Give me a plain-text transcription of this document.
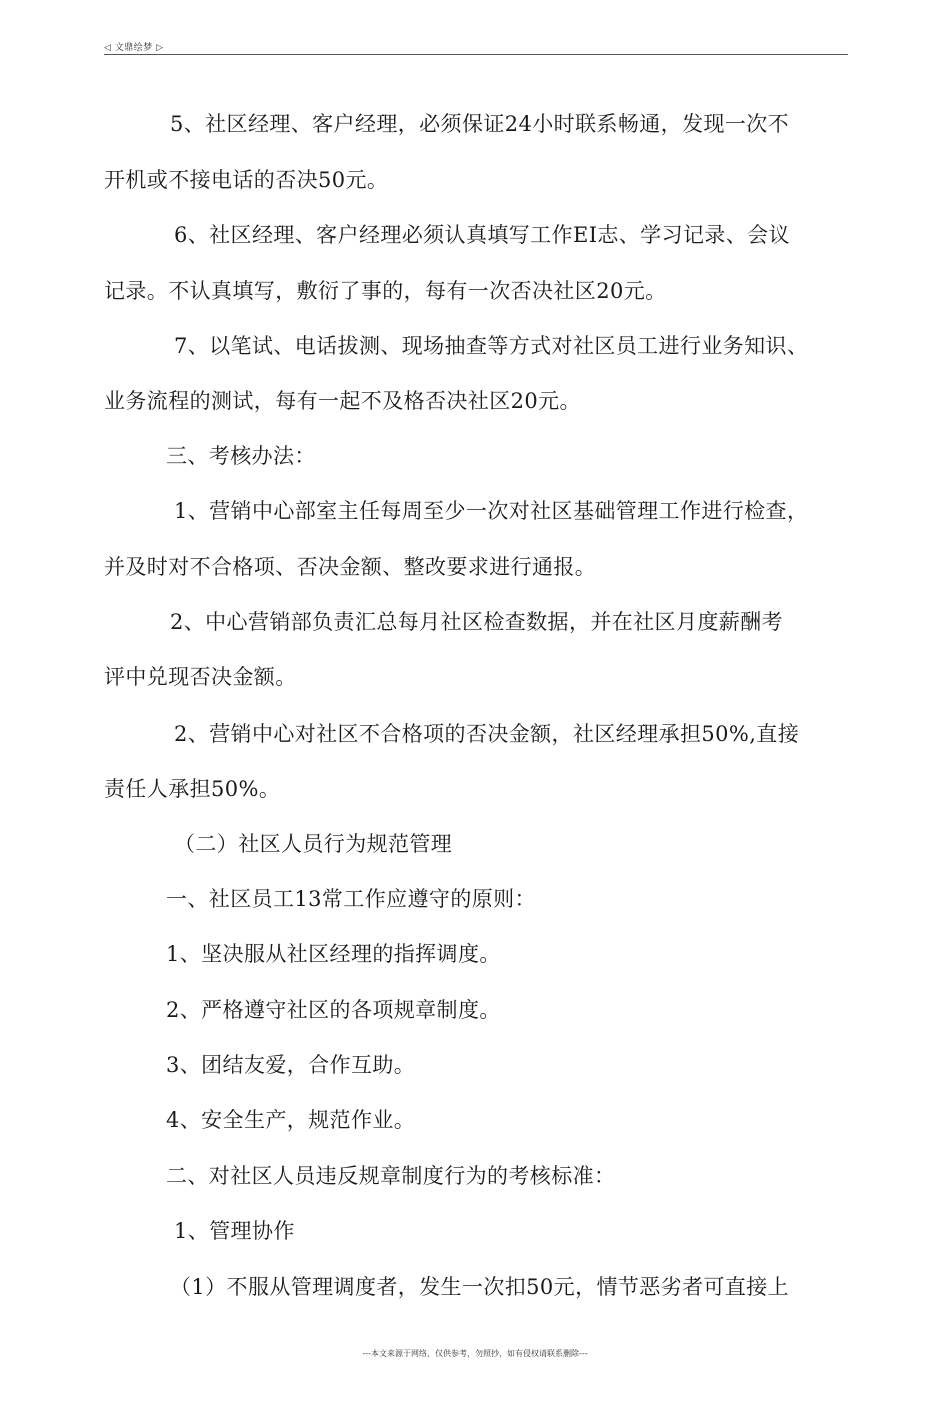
◁ 文鼎绘梦 ▷
5、社区经理、客户经理，必须保证24小时联系畅通，发现一次不
开机或不接电话的否决50元。
6、社区经理、客户经理必须认真填写工作EI志、学习记录、会议
记录。不认真填写，敷衍了事的，每有一次否决社区20元。
7、以笔试、电话拔测、现场抽查等方式对社区员工进行业务知识、
业务流程的测试，每有一起不及格否决社区20元。
三、考核办法：
1、营销中心部室主任每周至少一次对社区基础管理工作进行检查，
并及时对不合格项、否决金额、整改要求进行通报。
2、中心营销部负责汇总每月社区检查数据，并在社区月度薪酬考
评中兑现否决金额。
2、营销中心对社区不合格项的否决金额，社区经理承担50%,直接
责任人承担50%。
（二）社区人员行为规范管理
一、社区员工13常工作应遵守的原则：
1、坚决服从社区经理的指挥调度。
2、严格遵守社区的各项规章制度。
3、团结友爱，合作互助。
4、安全生产，规范作业。
二、对社区人员违反规章制度行为的考核标准：
1、管理协作
（1）不服从管理调度者，发生一次扣50元，情节恶劣者可直接上
---本文来源于网络，仅供参考，勿照抄，如有侵权请联系删除---
